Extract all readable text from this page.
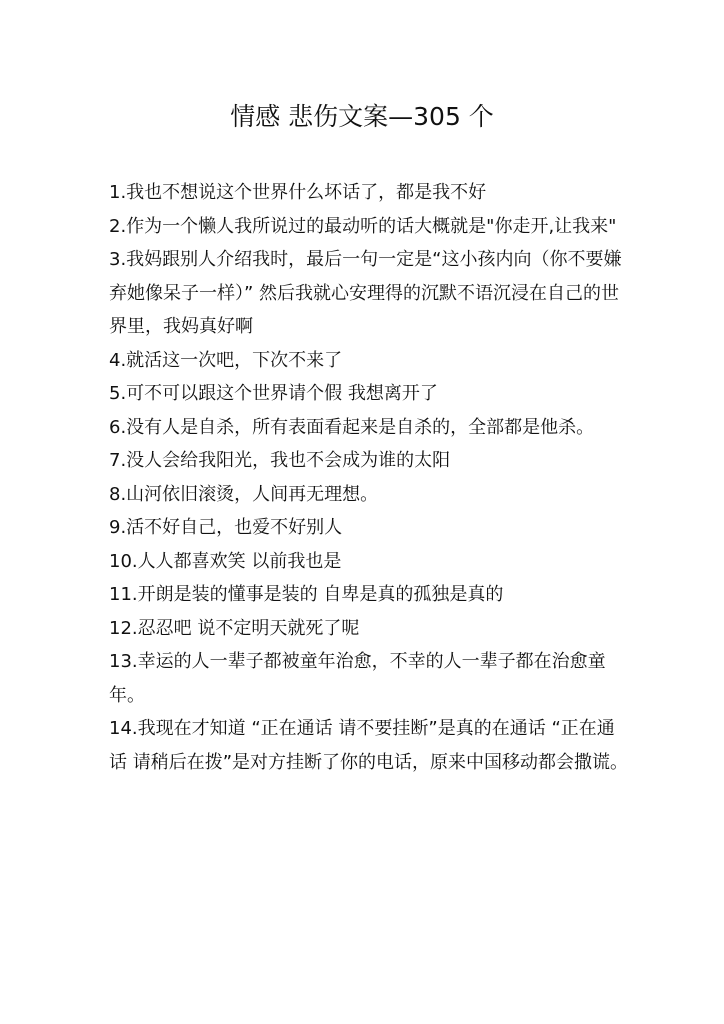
情感 悲伤文案—305 个

1.我也不想说这个世界什么坏话了，都是我不好

2.作为一个懒人我所说过的最动听的话大概就是"你走开,让我来"

3.我妈跟别人介绍我时，最后一句一定是“这小孩内向（你不要嫌弃她像呆子一样）” 然后我就心安理得的沉默不语沉浸在自己的世界里，我妈真好啊

4.就活这一次吧，下次不来了

5.可不可以跟这个世界请个假 我想离开了

6.没有人是自杀，所有表面看起来是自杀的，全部都是他杀。

7.没人会给我阳光，我也不会成为谁的太阳

8.山河依旧滚烫，人间再无理想。

9.活不好自己，也爱不好别人

10.人人都喜欢笑 以前我也是

11.开朗是装的懂事是装的 自卑是真的孤独是真的

12.忍忍吧 说不定明天就死了呢

13.幸运的人一辈子都被童年治愈，不幸的人一辈子都在治愈童年。

14.我现在才知道 “正在通话 请不要挂断”是真的在通话 “正在通话 请稍后在拨”是对方挂断了你的电话，原来中国移动都会撒谎。
